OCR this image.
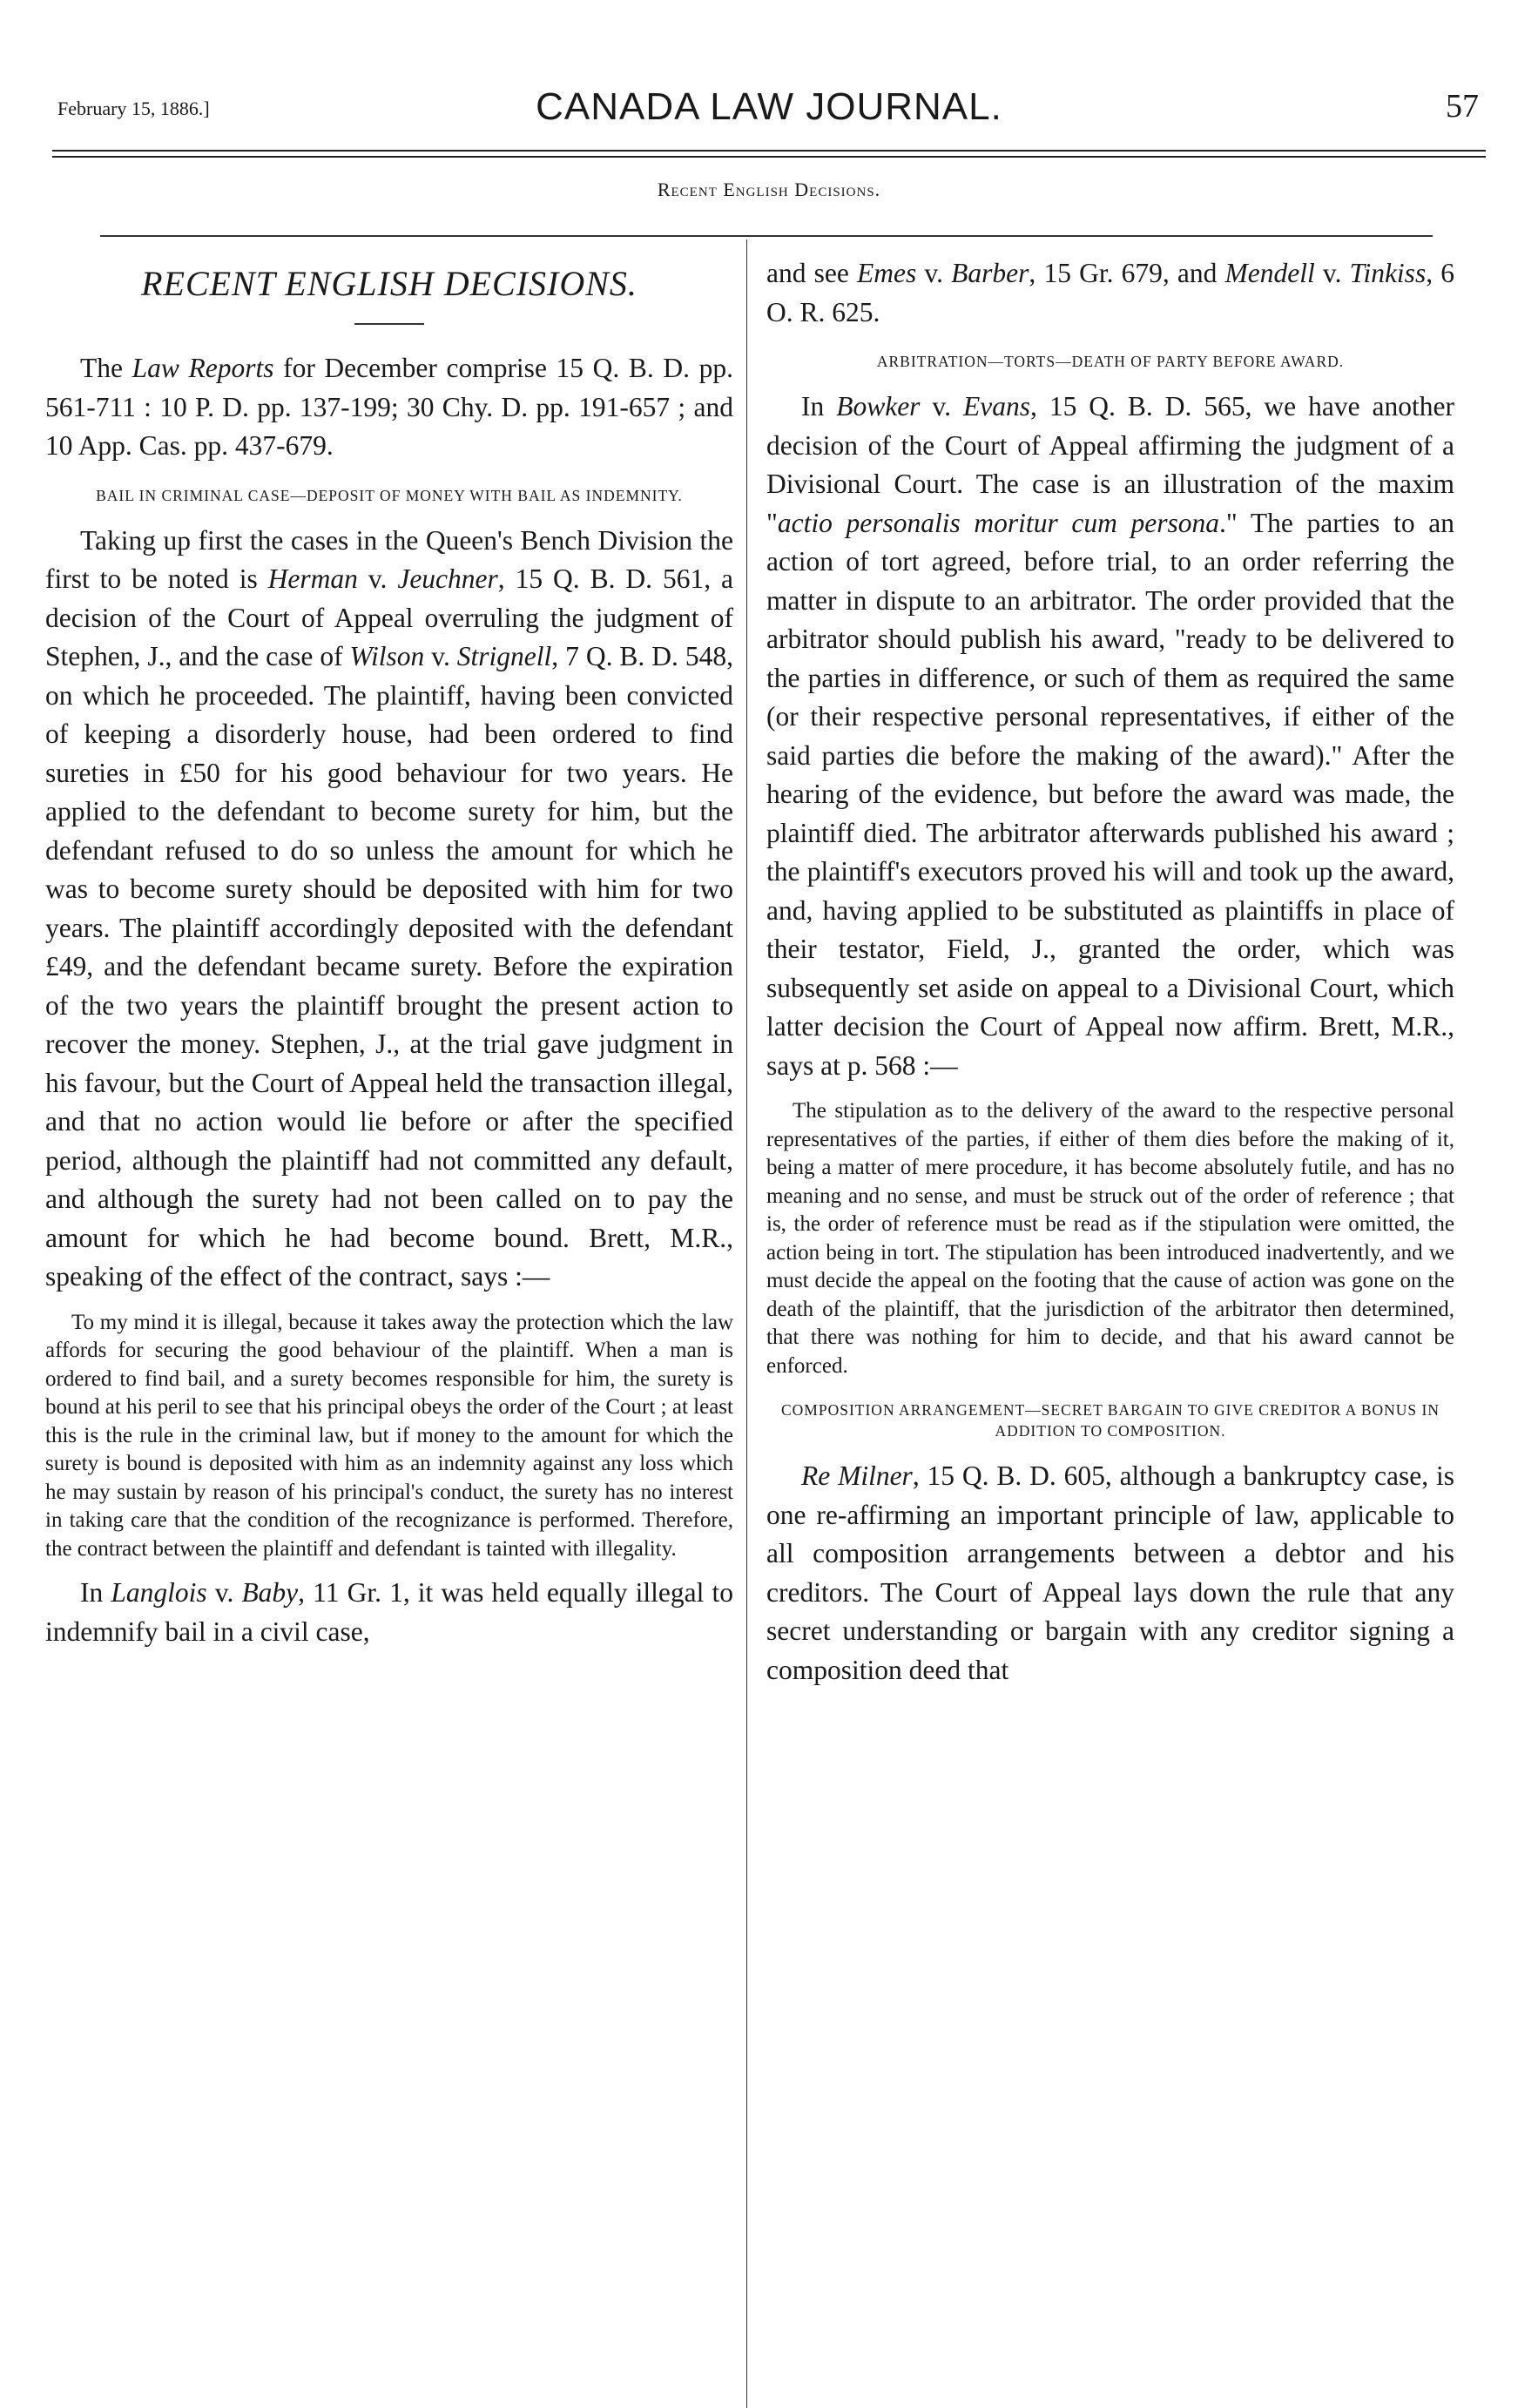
February 15, 1886.]	CANADA LAW JOURNAL.	57
Recent English Decisions.
RECENT ENGLISH DECISIONS.

The Law Reports for December comprise 15 Q. B. D. pp. 561-711 : 10 P. D. pp. 137-199; 30 Chy. D. pp. 191-657 ; and 10 App. Cas. pp. 437-679.

BAIL IN CRIMINAL CASE—DEPOSIT OF MONEY WITH BAIL AS INDEMNITY.

Taking up first the cases in the Queen's Bench Division the first to be noted is Herman v. Jeuchner, 15 Q. B. D. 561, a decision of the Court of Appeal overruling the judgment of Stephen, J., and the case of Wilson v. Strignell, 7 Q. B. D. 548, on which he proceeded. The plaintiff, having been convicted of keeping a disorderly house, had been ordered to find sureties in £50 for his good behaviour for two years. He applied to the defendant to become surety for him, but the defendant refused to do so unless the amount for which he was to become surety should be deposited with him for two years. The plaintiff accordingly deposited with the defendant £49, and the defendant became surety. Before the expiration of the two years the plaintiff brought the present action to recover the money. Stephen, J., at the trial gave judgment in his favour, but the Court of Appeal held the transaction illegal, and that no action would lie before or after the specified period, although the plaintiff had not committed any default, and although the surety had not been called on to pay the amount for which he had become bound. Brett, M.R., speaking of the effect of the contract, says :—

To my mind it is illegal, because it takes away the protection which the law affords for securing the good behaviour of the plaintiff. When a man is ordered to find bail, and a surety becomes responsible for him, the surety is bound at his peril to see that his principal obeys the order of the Court ; at least this is the rule in the criminal law, but if money to the amount for which the surety is bound is deposited with him as an indemnity against any loss which he may sustain by reason of his principal's conduct, the surety has no interest in taking care that the condition of the recognizance is performed. Therefore, the contract between the plaintiff and defendant is tainted with illegality.

In Langlois v. Baby, 11 Gr. 1, it was held equally illegal to indemnify bail in a civil case,

and see Emes v. Barber, 15 Gr. 679, and Mendell v. Tinkiss, 6 O. R. 625.

ARBITRATION—TORTS—DEATH OF PARTY BEFORE AWARD.

In Bowker v. Evans, 15 Q. B. D. 565, we have another decision of the Court of Appeal affirming the judgment of a Divisional Court. The case is an illustration of the maxim "actio personalis moritur cum persona." The parties to an action of tort agreed, before trial, to an order referring the matter in dispute to an arbitrator. The order provided that the arbitrator should publish his award, "ready to be delivered to the parties in difference, or such of them as required the same (or their respective personal representatives, if either of the said parties die before the making of the award)." After the hearing of the evidence, but before the award was made, the plaintiff died. The arbitrator afterwards published his award ; the plaintiff's executors proved his will and took up the award, and, having applied to be substituted as plaintiffs in place of their testator, Field, J., granted the order, which was subsequently set aside on appeal to a Divisional Court, which latter decision the Court of Appeal now affirm. Brett, M.R., says at p. 568 :—

The stipulation as to the delivery of the award to the respective personal representatives of the parties, if either of them dies before the making of it, being a matter of mere procedure, it has become absolutely futile, and has no meaning and no sense, and must be struck out of the order of reference ; that is, the order of reference must be read as if the stipulation were omitted, the action being in tort. The stipulation has been introduced inadvertently, and we must decide the appeal on the footing that the cause of action was gone on the death of the plaintiff, that the jurisdiction of the arbitrator then determined, that there was nothing for him to decide, and that his award cannot be enforced.

COMPOSITION ARRANGEMENT—SECRET BARGAIN TO GIVE CREDITOR A BONUS IN ADDITION TO COMPOSITION.

Re Milner, 15 Q. B. D. 605, although a bankruptcy case, is one re-affirming an important principle of law, applicable to all composition arrangements between a debtor and his creditors. The Court of Appeal lays down the rule that any secret understanding or bargain with any creditor signing a composition deed that
